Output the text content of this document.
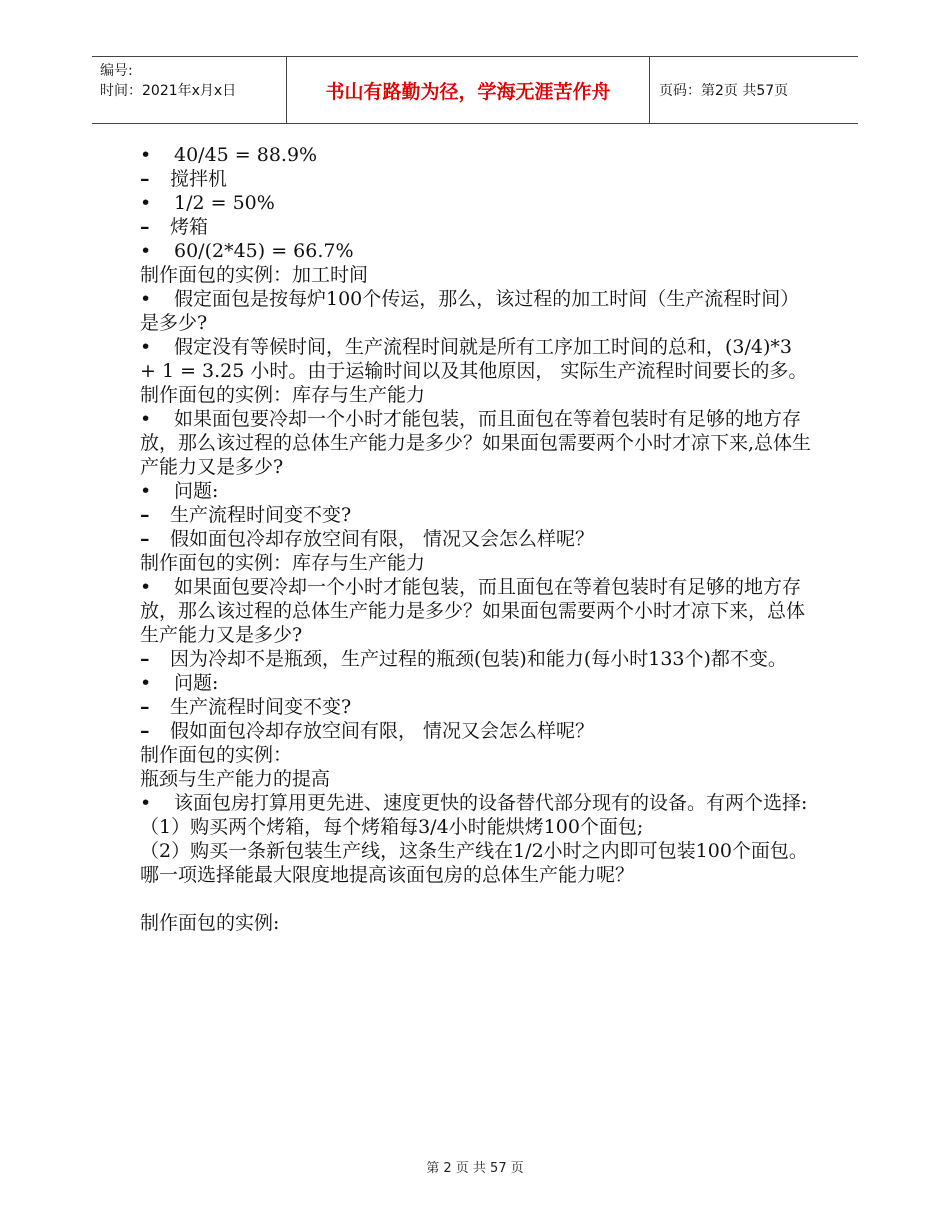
编号:
时间：2021年x月x日	书山有路勤为径，学海无涯苦作舟	页码：第2页 共57页
• 40/45 = 88.9%
– 搅拌机
• 1/2 = 50%
– 烤箱
• 60/(2*45) = 66.7%
制作面包的实例：加工时间
• 假定面包是按每炉100个传运，那么，该过程的加工时间（生产流程时间）是多少?
• 假定没有等候时间，生产流程时间就是所有工序加工时间的总和，(3/4)*3 + 1 = 3.25 小时。由于运输时间以及其他原因， 实际生产流程时间要长的多。
制作面包的实例：库存与生产能力
• 如果面包要冷却一个小时才能包装，而且面包在等着包装时有足够的地方存放，那么该过程的总体生产能力是多少？如果面包需要两个小时才凉下来,总体生产能力又是多少?
• 问题:
– 生产流程时间变不变?
– 假如面包冷却存放空间有限， 情况又会怎么样呢？
制作面包的实例：库存与生产能力
• 如果面包要冷却一个小时才能包装，而且面包在等着包装时有足够的地方存放，那么该过程的总体生产能力是多少？如果面包需要两个小时才凉下来，总体生产能力又是多少?
– 因为冷却不是瓶颈，生产过程的瓶颈(包装)和能力(每小时133个)都不变。
• 问题:
– 生产流程时间变不变?
– 假如面包冷却存放空间有限， 情况又会怎么样呢？
制作面包的实例：
瓶颈与生产能力的提高
• 该面包房打算用更先进、速度更快的设备替代部分现有的设备。有两个选择:
（1）购买两个烤箱，每个烤箱每3/4小时能烘烤100个面包;
（2）购买一条新包装生产线，这条生产线在1/2小时之内即可包装100个面包。
哪一项选择能最大限度地提高该面包房的总体生产能力呢？
制作面包的实例:
第 2 页 共 57 页
